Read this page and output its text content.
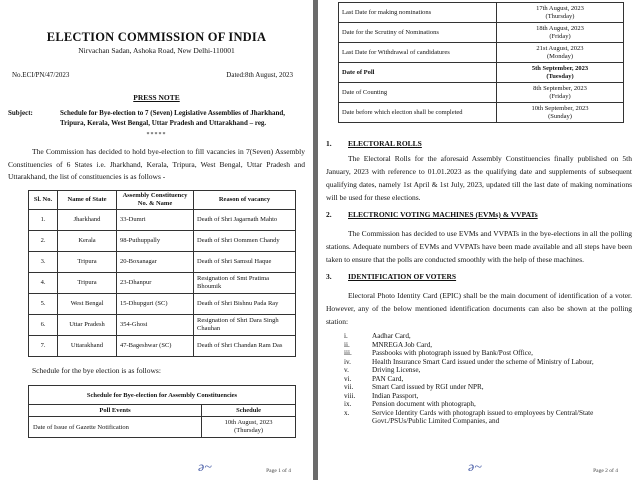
ELECTION COMMISSION OF INDIA
Nirvachan Sadan, Ashoka Road, New Delhi-110001
No.ECI/PN/47/2023	Dated:8th August, 2023
PRESS NOTE
Subject:	Schedule for Bye-election to 7 (Seven) Legislative Assemblies of Jharkhand, Tripura, Kerala, West Bengal, Uttar Pradesh and Uttarakhand – reg.
*****
The Commission has decided to hold bye-election to fill vacancies in 7(Seven) Assembly Constituencies of 6 States i.e. Jharkhand, Kerala, Tripura, West Bengal, Uttar Pradesh and Uttarakhand, the list of constituencies is as follows -
Sl. No.	Name of State	Assembly Constituency No. & Name	Reason of vacancy
1.	Jharkhand	33-Dumri	Death of Shri Jagarnath Mahto
2.	Kerala	98-Puthuppally	Death of Shri Oommen Chandy
3.	Tripura	20-Boxanagar	Death of Shri Samsul Haque
4.	Tripura	23-Dhanpur	Resignation of Smt Pratima Bhoumik
5.	West Bengal	15-Dhupguri (SC)	Death of Shri Bishnu Pada Ray
6.	Uttar Pradesh	354-Ghosi	Resignation of Shri Dara Singh Chauhan
7.	Uttarakhand	47-Bageshwar (SC)	Death of Shri Chandan Ram Das
Schedule for the bye election is as follows:
Schedule for Bye-election for Assembly Constituencies	
Poll Events	Schedule
Date of Issue of Gazette Notification	10th August, 2023
(Thursday)
ə~	Page 1 of 4
Last Date for making nominations	17th August, 2023
(Thursday)

Date for the Scrutiny of Nominations	18th August, 2023
(Friday)

Last Date for Withdrawal of candidatures	21st August, 2023
(Monday)

Date of Poll	5th September, 2023
(Tuesday)

Date of Counting	8th September, 2023
(Friday)

Date before which election shall be completed	10th September, 2023
(Sunday)
1.	ELECTORAL ROLLS
The Electoral Rolls for the aforesaid Assembly Constituencies finally published on 5th January, 2023 with reference to 01.01.2023 as the qualifying date and supplements of subsequent qualifying dates, namely 1st April & 1st July, 2023, updated till the last date of making nominations will be used for these elections.
2.	ELECTRONIC VOTING MACHINES (EVMs) & VVPATs
The Commission has decided to use EVMs and VVPATs in the bye-elections in all the polling stations. Adequate numbers of EVMs and VVPATs have been made available and all steps have been taken to ensure that the polls are conducted smoothly with the help of these machines.
3.	IDENTIFICATION OF VOTERS
Electoral Photo Identity Card (EPIC) shall be the main document of identification of a voter. However, any of the below mentioned identification documents can also be shown at the polling station:
i.	Aadhar Card,
ii.	MNREGA Job Card,
iii.	Passbooks with photograph issued by Bank/Post Office,
iv.	Health Insurance Smart Card issued under the scheme of Ministry of Labour,
v.	Driving License,
vi.	PAN Card,
vii.	Smart Card issued by RGI under NPR,
viii.	Indian Passport,
ix.	Pension document with photograph,
x.	Service Identity Cards with photograph issued to employees by Central/State Govt./PSUs/Public Limited Companies, and
ə~	Page 2 of 4
